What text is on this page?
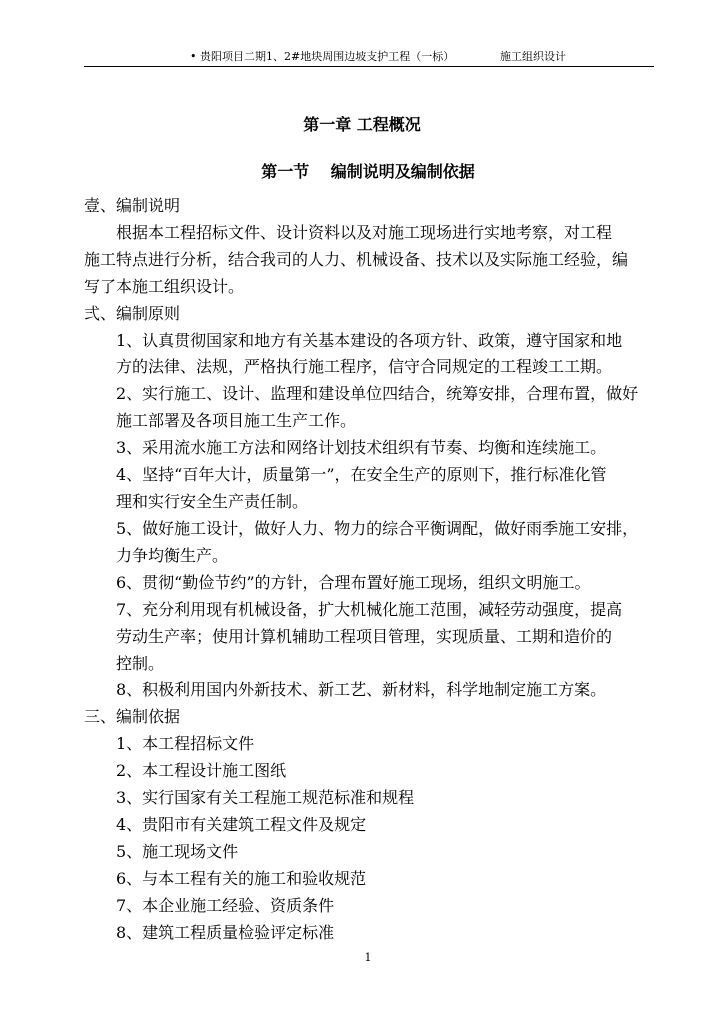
• 贵阳项目二期1、2#地块周围边坡支护工程（一标）	施工组织设计
第一章 工程概况
第一节　 编制说明及编制依据
壹、编制说明
根据本工程招标文件、设计资料以及对施工现场进行实地考察，对工程
施工特点进行分析，结合我司的人力、机械设备、技术以及实际施工经验，编
写了本施工组织设计。
弍、编制原则
1、认真贯彻国家和地方有关基本建设的各项方针、政策，遵守国家和地
方的法律、法规，严格执行施工程序，信守合同规定的工程竣工工期。
2、实行施工、设计、监理和建设单位四结合，统筹安排，合理布置，做好
施工部署及各项目施工生产工作。
3、采用流水施工方法和网络计划技术组织有节奏、均衡和连续施工。
4、坚持“百年大计，质量第一”，在安全生产的原则下，推行标准化管
理和实行安全生产责任制。
5、做好施工设计，做好人力、物力的综合平衡调配，做好雨季施工安排，
力争均衡生产。
6、贯彻“勤俭节约”的方针，合理布置好施工现场，组织文明施工。
7、充分利用现有机械设备，扩大机械化施工范围，减轻劳动强度，提高
劳动生产率；使用计算机辅助工程项目管理，实现质量、工期和造价的
控制。
8、积极利用国内外新技术、新工艺、新材料，科学地制定施工方案。
三、编制依据
1、本工程招标文件
2、本工程设计施工图纸
3、实行国家有关工程施工规范标准和规程
4、贵阳市有关建筑工程文件及规定
5、施工现场文件
6、与本工程有关的施工和验收规范
7、本企业施工经验、资质条件
8、建筑工程质量检验评定标准
1
